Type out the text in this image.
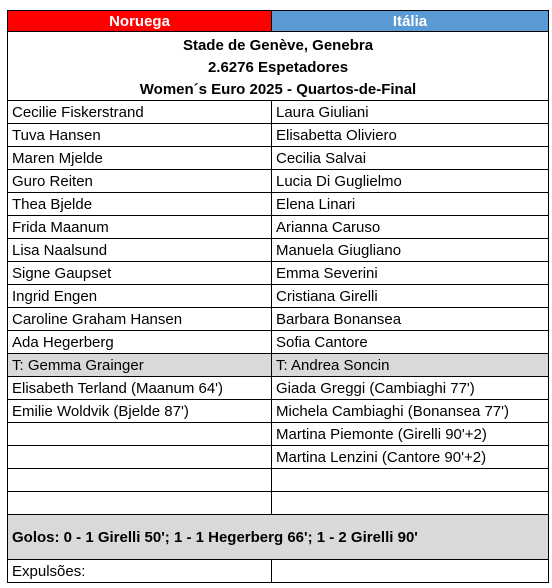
Noruega	Itália
Stade de Genève, Genebra	
2.6276 Espetadores	
Women´s Euro 2025 - Quartos-de-Final	
Cecilie Fiskerstrand	Laura Giuliani
Tuva Hansen	Elisabetta Oliviero
Maren Mjelde	Cecilia Salvai
Guro Reiten	Lucia Di Guglielmo
Thea Bjelde	Elena Linari
Frida Maanum	Arianna Caruso
Lisa Naalsund	Manuela Giugliano
Signe Gaupset	Emma Severini
Ingrid Engen	Cristiana Girelli
Caroline Graham Hansen	Barbara Bonansea
Ada Hegerberg	Sofia Cantore
T: Gemma Grainger	T: Andrea Soncin
Elisabeth Terland (Maanum 64')	Giada Greggi (Cambiaghi 77')
Emilie Woldvik (Bjelde 87')	Michela Cambiaghi (Bonansea 77')
	Martina Piemonte (Girelli 90'+2)
	Martina Lenzini (Cantore 90'+2)

Golos: 0 - 1 Girelli 50'; 1 - 1 Hegerberg 66'; 1 - 2 Girelli 90'	
Expulsões:	
